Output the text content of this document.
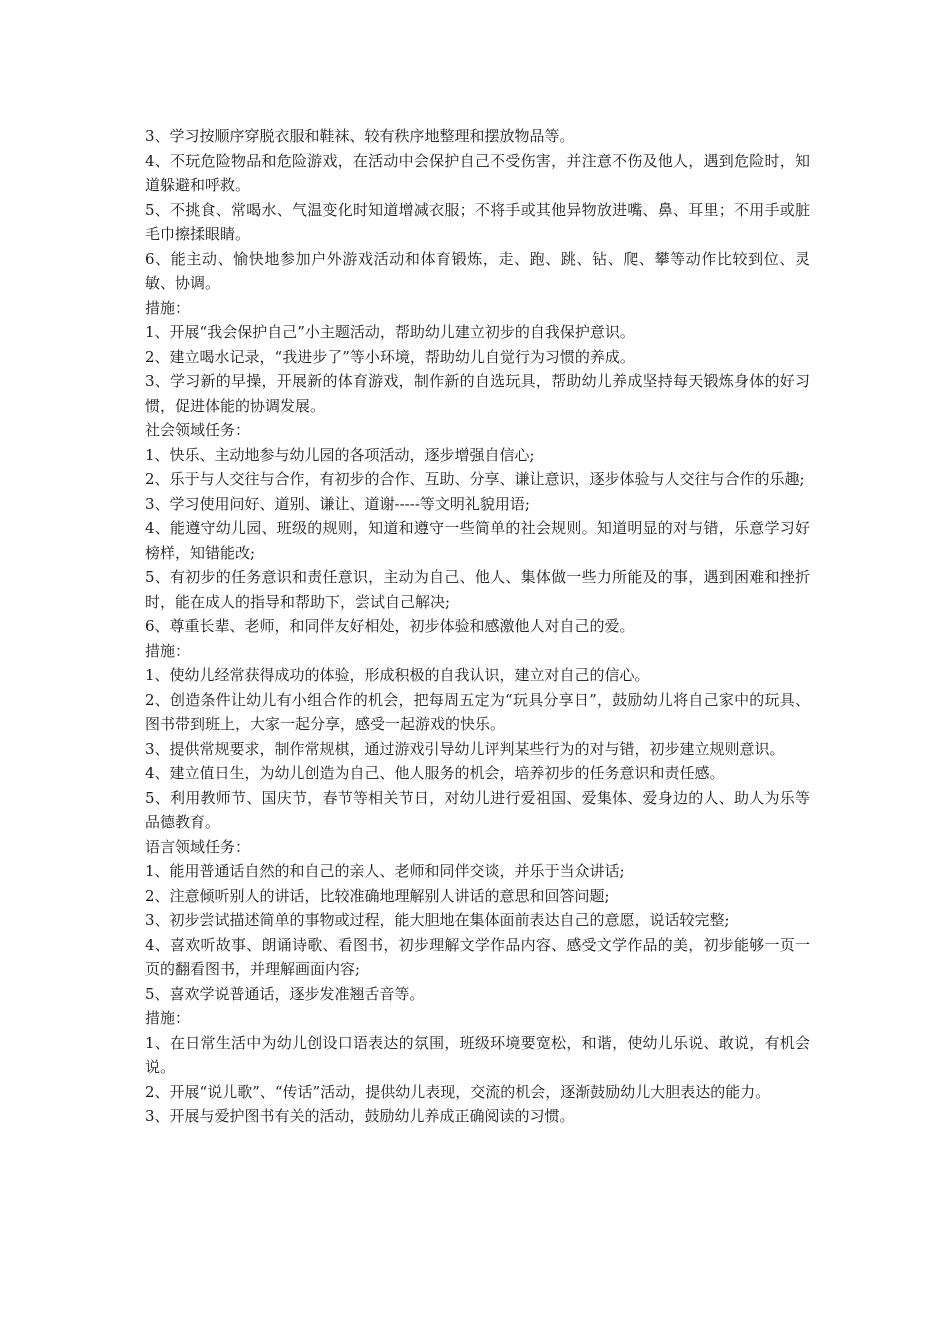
3、学习按顺序穿脱衣服和鞋袜、较有秩序地整理和摆放物品等。

4、不玩危险物品和危险游戏，在活动中会保护自己不受伤害，并注意不伤及他人，遇到危险时，知道躲避和呼救。

5、不挑食、常喝水、气温变化时知道增减衣服；不将手或其他异物放进嘴、鼻、耳里；不用手或脏毛巾擦揉眼睛。

6、能主动、愉快地参加户外游戏活动和体育锻炼，走、跑、跳、钻、爬、攀等动作比较到位、灵敏、协调。

措施：

1、开展“我会保护自己”小主题活动，帮助幼儿建立初步的自我保护意识。

2、建立喝水记录，“我进步了”等小环境，帮助幼儿自觉行为习惯的养成。

3、学习新的早操，开展新的体育游戏，制作新的自选玩具，帮助幼儿养成坚持每天锻炼身体的好习惯，促进体能的协调发展。

社会领域任务：

1、快乐、主动地参与幼儿园的各项活动，逐步增强自信心;

2、乐于与人交往与合作，有初步的合作、互助、分享、谦让意识，逐步体验与人交往与合作的乐趣;

3、学习使用问好、道别、谦让、道谢-----等文明礼貌用语;

4、能遵守幼儿园、班级的规则，知道和遵守一些简单的社会规则。知道明显的对与错，乐意学习好榜样，知错能改;

5、有初步的任务意识和责任意识，主动为自己、他人、集体做一些力所能及的事，遇到困难和挫折时，能在成人的指导和帮助下，尝试自己解决;

6、尊重长辈、老师，和同伴友好相处，初步体验和感激他人对自己的爱。

措施：

1、使幼儿经常获得成功的体验，形成积极的自我认识，建立对自己的信心。

2、创造条件让幼儿有小组合作的机会，把每周五定为“玩具分享日”，鼓励幼儿将自己家中的玩具、图书带到班上，大家一起分享，感受一起游戏的快乐。

3、提供常规要求，制作常规棋，通过游戏引导幼儿评判某些行为的对与错，初步建立规则意识。

4、建立值日生，为幼儿创造为自己、他人服务的机会，培养初步的任务意识和责任感。

5、利用教师节、国庆节，春节等相关节日，对幼儿进行爱祖国、爱集体、爱身边的人、助人为乐等品德教育。

语言领域任务：

1、能用普通话自然的和自己的亲人、老师和同伴交谈，并乐于当众讲话;

2、注意倾听别人的讲话，比较准确地理解别人讲话的意思和回答问题;

3、初步尝试描述简单的事物或过程，能大胆地在集体面前表达自己的意愿，说话较完整;

4、喜欢听故事、朗诵诗歌、看图书，初步理解文学作品内容、感受文学作品的美，初步能够一页一页的翻看图书，并理解画面内容;

5、喜欢学说普通话，逐步发准翘舌音等。

措施：

1、在日常生活中为幼儿创设口语表达的氛围，班级环境要宽松，和谐，使幼儿乐说、敢说，有机会说。

2、开展“说儿歌”、“传话”活动，提供幼儿表现，交流的机会，逐渐鼓励幼儿大胆表达的能力。

3、开展与爱护图书有关的活动，鼓励幼儿养成正确阅读的习惯。
